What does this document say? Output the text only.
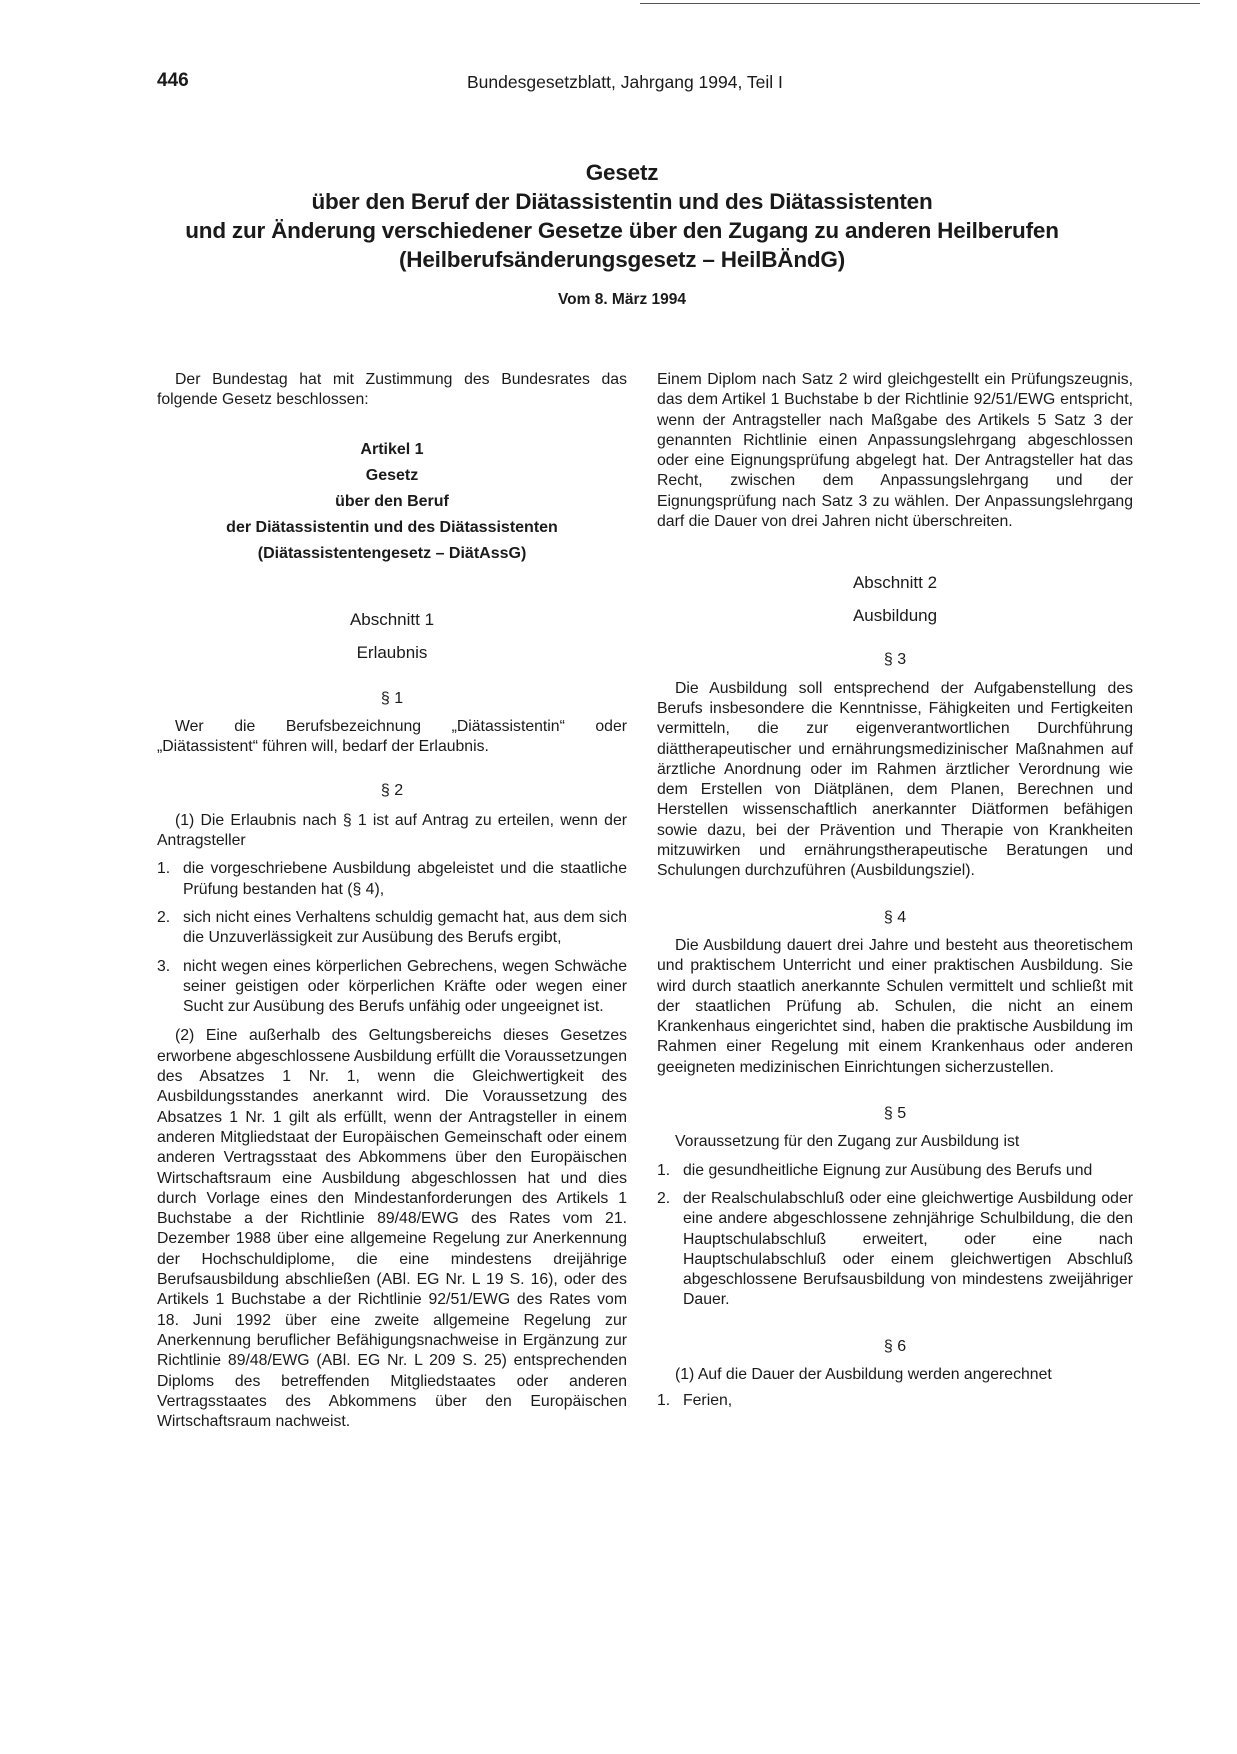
446	Bundesgesetzblatt, Jahrgang 1994, Teil I
Gesetz
über den Beruf der Diätassistentin und des Diätassistenten
und zur Änderung verschiedener Gesetze über den Zugang zu anderen Heilberufen
(Heilberufsänderungsgesetz – HeilBÄndG)
Vom 8. März 1994

Der Bundestag hat mit Zustimmung des Bundesrates das folgende Gesetz beschlossen:

Artikel 1
Gesetz
über den Beruf
der Diätassistentin und des Diätassistenten
(Diätassistentengesetz – DiätAssG)
Abschnitt 1
Erlaubnis
§ 1

Wer die Berufsbezeichnung „Diätassistentin“ oder „Diätassistent“ führen will, bedarf der Erlaubnis.

§ 2

(1) Die Erlaubnis nach § 1 ist auf Antrag zu erteilen, wenn der Antragsteller

1. die vorgeschriebene Ausbildung abgeleistet und die staatliche Prüfung bestanden hat (§ 4),
2. sich nicht eines Verhaltens schuldig gemacht hat, aus dem sich die Unzuverlässigkeit zur Ausübung des Berufs ergibt,
3. nicht wegen eines körperlichen Gebrechens, wegen Schwäche seiner geistigen oder körperlichen Kräfte oder wegen einer Sucht zur Ausübung des Berufs unfähig oder ungeeignet ist.

(2) Eine außerhalb des Geltungsbereichs dieses Gesetzes erworbene abgeschlossene Ausbildung erfüllt die Voraussetzungen des Absatzes 1 Nr. 1, wenn die Gleichwertigkeit des Ausbildungsstandes anerkannt wird. Die Voraussetzung des Absatzes 1 Nr. 1 gilt als erfüllt, wenn der Antragsteller in einem anderen Mitgliedstaat der Europäischen Gemeinschaft oder einem anderen Vertragsstaat des Abkommens über den Europäischen Wirtschaftsraum eine Ausbildung abgeschlossen hat und dies durch Vorlage eines den Mindestanforderungen des Artikels 1 Buchstabe a der Richtlinie 89/48/EWG des Rates vom 21. Dezember 1988 über eine allgemeine Regelung zur Anerkennung der Hochschuldiplome, die eine mindestens dreijährige Berufsausbildung abschließen (ABl. EG Nr. L 19 S. 16), oder des Artikels 1 Buchstabe a der Richtlinie 92/51/EWG des Rates vom 18. Juni 1992 über eine zweite allgemeine Regelung zur Anerkennung beruflicher Befähigungsnachweise in Ergänzung zur Richtlinie 89/48/EWG (ABl. EG Nr. L 209 S. 25) entsprechenden Diploms des betreffenden Mitgliedstaates oder anderen Vertragsstaates des Abkommens über den Europäischen Wirtschaftsraum nachweist.

Einem Diplom nach Satz 2 wird gleichgestellt ein Prüfungszeugnis, das dem Artikel 1 Buchstabe b der Richtlinie 92/51/EWG entspricht, wenn der Antragsteller nach Maßgabe des Artikels 5 Satz 3 der genannten Richtlinie einen Anpassungslehrgang abgeschlossen oder eine Eignungsprüfung abgelegt hat. Der Antragsteller hat das Recht, zwischen dem Anpassungslehrgang und der Eignungsprüfung nach Satz 3 zu wählen. Der Anpassungslehrgang darf die Dauer von drei Jahren nicht überschreiten.

Abschnitt 2
Ausbildung
§ 3

Die Ausbildung soll entsprechend der Aufgabenstellung des Berufs insbesondere die Kenntnisse, Fähigkeiten und Fertigkeiten vermitteln, die zur eigenverantwortlichen Durchführung diättherapeutischer und ernährungsmedizinischer Maßnahmen auf ärztliche Anordnung oder im Rahmen ärztlicher Verordnung wie dem Erstellen von Diätplänen, dem Planen, Berechnen und Herstellen wissenschaftlich anerkannter Diätformen befähigen sowie dazu, bei der Prävention und Therapie von Krankheiten mitzuwirken und ernährungstherapeutische Beratungen und Schulungen durchzuführen (Ausbildungsziel).

§ 4

Die Ausbildung dauert drei Jahre und besteht aus theoretischem und praktischem Unterricht und einer praktischen Ausbildung. Sie wird durch staatlich anerkannte Schulen vermittelt und schließt mit der staatlichen Prüfung ab. Schulen, die nicht an einem Krankenhaus eingerichtet sind, haben die praktische Ausbildung im Rahmen einer Regelung mit einem Krankenhaus oder anderen geeigneten medizinischen Einrichtungen sicherzustellen.

§ 5

Voraussetzung für den Zugang zur Ausbildung ist

1. die gesundheitliche Eignung zur Ausübung des Berufs und
2. der Realschulabschluß oder eine gleichwertige Ausbildung oder eine andere abgeschlossene zehnjährige Schulbildung, die den Hauptschulabschluß erweitert, oder eine nach Hauptschulabschluß oder einem gleichwertigen Abschluß abgeschlossene Berufsausbildung von mindestens zweijähriger Dauer.
§ 6

(1) Auf die Dauer der Ausbildung werden angerechnet

1. Ferien,
